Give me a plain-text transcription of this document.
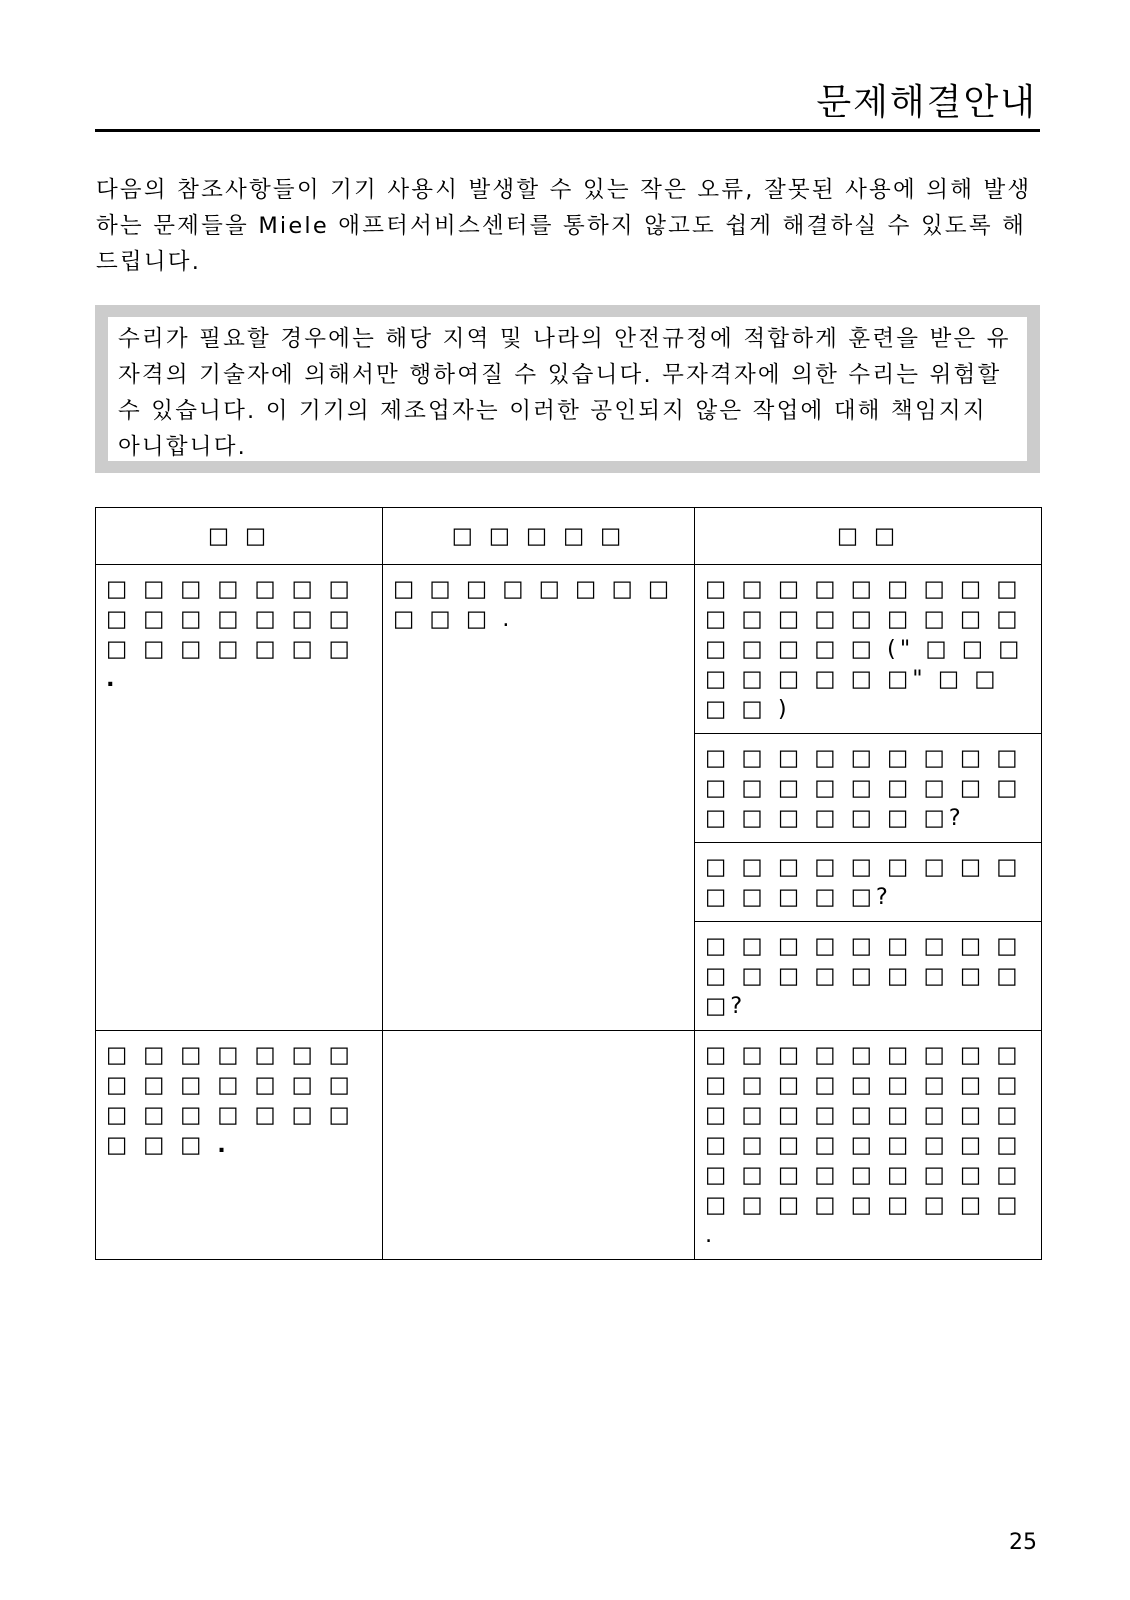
문제해결안내

다음의 참조사항들이 기기 사용시 발생할 수 있는 작은 오류, 잘못된 사용에 의해 발생하는 문제들을 Miele 애프터서비스센터를 통하지 않고도 쉽게 해결하실 수 있도록 해 드립니다.

수리가 필요할 경우에는 해당 지역 및 나라의 안전규정에 적합하게 훈련을 받은 유자격의 기술자에 의해서만 행하여질 수 있습니다. 무자격자에 의한 수리는 위험할 수 있습니다. 이 기기의 제조업자는 이러한 공인되지 않은 작업에 대해 책임지지 아니합니다.

□ □	□ □ □ □ □	□ □
□ □ □ □ □ □ □ □ □ □ □ □ □ □ □ □ □ □ □ □ □ .	□ □ □ □ □ □ □ □ □ □ □ .	□ □ □ □ □ □ □ □ □ □ □ □ □ □ □ □ □ □ □ □ □ □ □ (" □ □ □ □ □ □ □ □ □" □ □ □ □ )
		□ □ □ □ □ □ □ □ □ □ □ □ □ □ □ □ □ □ □ □ □ □ □ □ □?
		□ □ □ □ □ □ □ □ □ □ □ □ □ □?
		□ □ □ □ □ □ □ □ □ □ □ □ □ □ □ □ □ □ □?
□ □ □ □ □ □ □ □ □ □ □ □ □ □ □ □ □ □ □ □ □ □ □ □ .		□ □ □ □ □ □ □ □ □ □ □ □ □ □ □ □ □ □ □ □ □ □ □ □ □ □ □ □ □ □ □ □ □ □ □ □ □ □ □ □ □ □ □ □ □ □ □ □ □ □ □ □ □ □ .
25
